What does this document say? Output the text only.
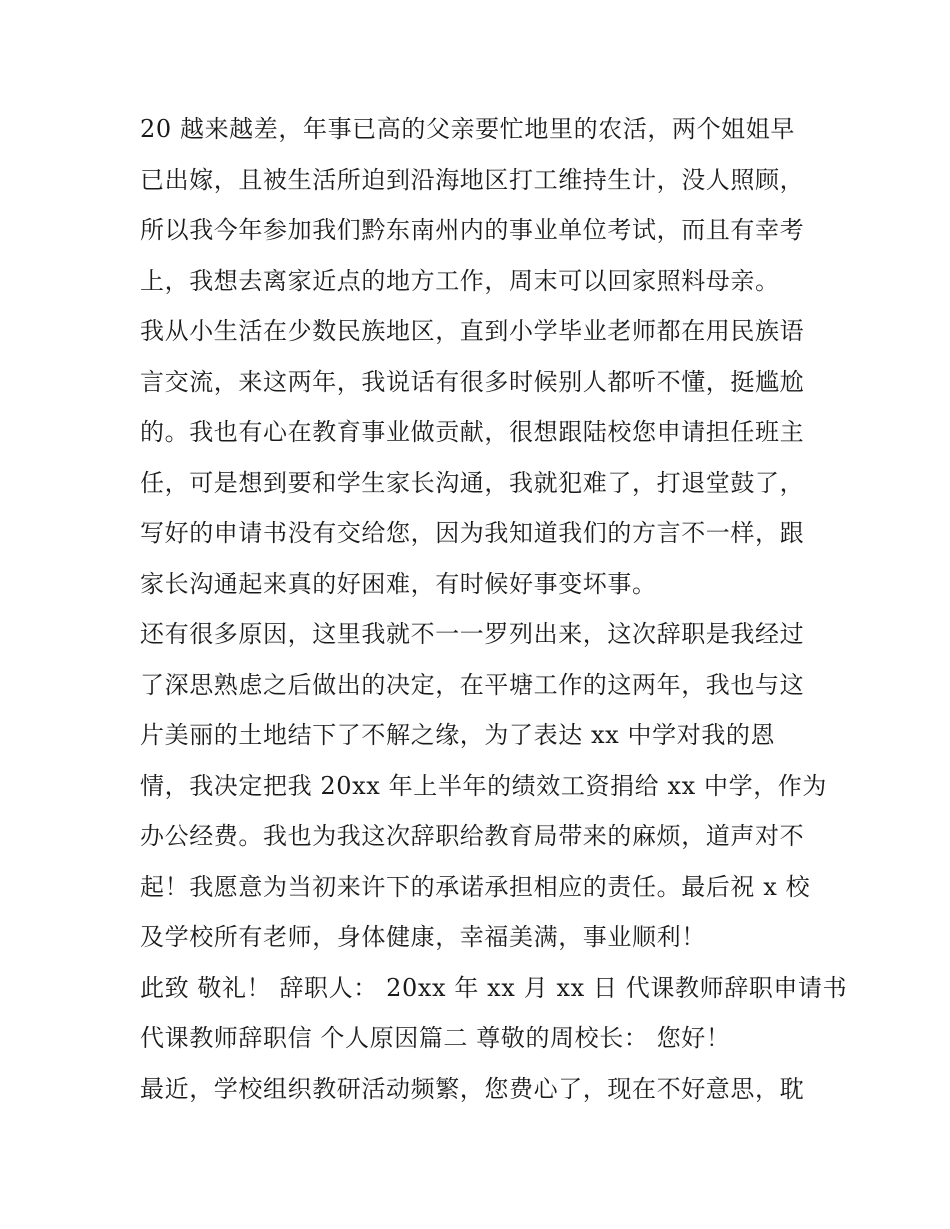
20 越来越差，年事已高的父亲要忙地里的农活，两个姐姐早
已出嫁，且被生活所迫到沿海地区打工维持生计，没人照顾，
所以我今年参加我们黔东南州内的事业单位考试，而且有幸考
上，我想去离家近点的地方工作，周末可以回家照料母亲。
我从小生活在少数民族地区，直到小学毕业老师都在用民族语
言交流，来这两年，我说话有很多时候别人都听不懂，挺尴尬
的。我也有心在教育事业做贡献，很想跟陆校您申请担任班主
任，可是想到要和学生家长沟通，我就犯难了，打退堂鼓了，
写好的申请书没有交给您，因为我知道我们的方言不一样，跟
家长沟通起来真的好困难，有时候好事变坏事。
还有很多原因，这里我就不一一罗列出来，这次辞职是我经过
了深思熟虑之后做出的决定，在平塘工作的这两年，我也与这
片美丽的土地结下了不解之缘，为了表达 xx 中学对我的恩
情，我决定把我 20xx 年上半年的绩效工资捐给 xx 中学，作为
办公经费。我也为我这次辞职给教育局带来的麻烦，道声对不
起！我愿意为当初来许下的承诺承担相应的责任。最后祝 x 校
及学校所有老师，身体健康，幸福美满，事业顺利！
此致 敬礼！ 辞职人： 20xx 年 xx 月 xx 日 代课教师辞职申请书
代课教师辞职信 个人原因篇二 尊敬的周校长： 您好！
最近，学校组织教研活动频繁，您费心了，现在不好意思，耽
